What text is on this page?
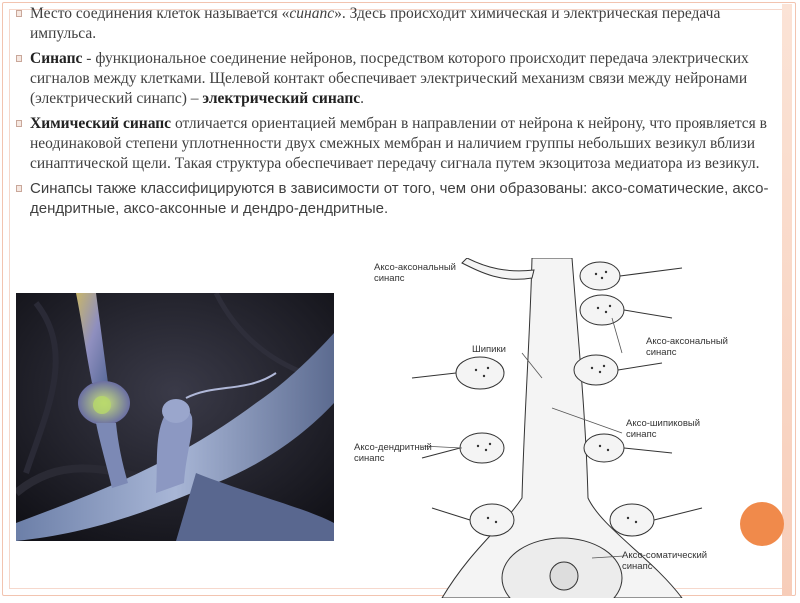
Место соединения клеток называется «синапс». Здесь происходит химическая и электрическая передача импульса.
Синапс - функциональное соединение нейронов, посредством которого происходит передача электрических сигналов между клетками. Щелевой контакт обеспечивает электрический механизм связи между нейронами (электрический синапс) – электрический синапс.
Химический синапс отличается ориентацией мембран в направлении от нейрона к нейрону, что проявляется в неодинаковой степени уплотненности двух смежных мембран и наличием группы небольших везикул вблизи синаптической щели. Такая структура обеспечивает передачу сигнала путем экзоцитоза медиатора из везикул.
Синапсы также классифицируются в зависимости от того, чем они образованы: аксо-соматические, аксо-дендритные, аксо-аксонные и дендро-дендритные.
Аксо-аксональный
синапс
Шипики
Аксо-аксональный
синапс
Аксо-шипиковый
синапс
Аксо-дендритный
синапс
Аксо-соматический
синапс
